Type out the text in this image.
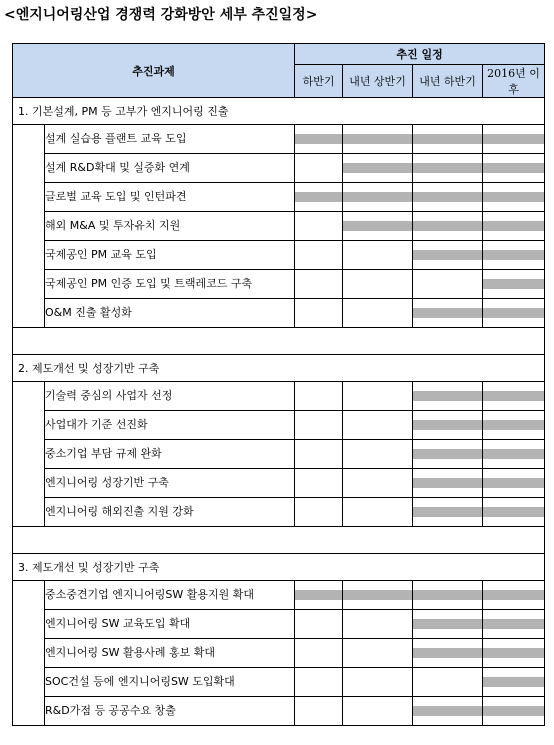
<엔지니어링산업 경쟁력 강화방안 세부 추진일정>
추진과제		추진 일정			
		하반기	내년 상반기	내년 하반기	2016년 이후
1. 기본설계, PM 등 고부가 엔지니어링 진출					
	설계 실습용 플랜트 교육 도입	

	설계 R&D확대 및 실증화 연계		

	글로벌 교육 도입 및 인턴파견	

	해외 M&A 및 투자유치 지원		

	국제공인 PM 교육 도입			

	국제공인 PM 인증 도입 및 트랙레코드 구축				

	O&M 진출 활성화			

2. 제도개선 및 성장기반 구축					
	기술력 중심의 사업자 선정			

	사업대가 기준 선진화			

	중소기업 부담 규제 완화			

	엔지니어링 성장기반 구축			

	엔지니어링 해외진출 지원 강화			

3. 제도개선 및 성장기반 구축					
	중소중견기업 엔지니어링SW 활용지원 확대	

	엔지니어링 SW 교육도입 확대			

	엔지니어링 SW 활용사례 홍보 확대			

	SOC건설 등에 엔지니어링SW 도입확대				

	R&D가점 등 공공수요 창출			
